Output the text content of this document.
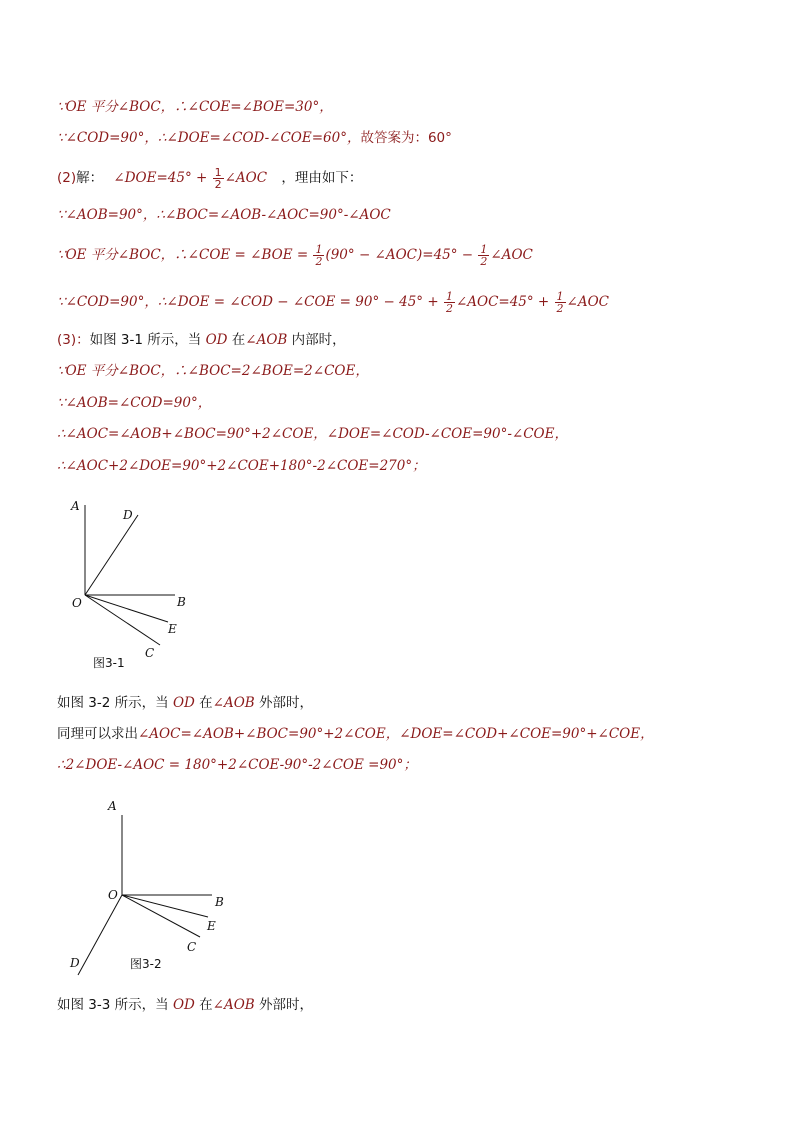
∵OE 平分∠BOC，∴∠COE=∠BOE=30°，
∵∠COD=90°，∴∠DOE=∠COD-∠COE=60°，故答案为：60°
(2)解： ∠DOE=45° + $\frac{1}{2}$ ∠AOC ，理由如下：
∵∠AOB=90°，∴∠BOC=∠AOB-∠AOC=90°-∠AOC
∵OE 平分∠BOC，∴∠COE = ∠BOE = $\frac{1}{2} (90^\circ$ − ∠AOC)=45° − $\frac{1}{2}$ ∠AOC
∵∠COD=90°，∴∠DOE = ∠COD − ∠COE = $90^\circ - 45^\circ + \frac{1}{2}$ ∠AOC=45° + $\frac{1}{2}$ ∠AOC
(3)：如图 3-1 所示，当 OD 在∠AOB 内部时，
∵OE 平分∠BOC，∴∠BOC=2∠BOE=2∠COE，
∵∠AOB=∠COD=90°，
∴∠AOC=∠AOB+∠BOC=90°+2∠COE，∠DOE=∠COD-∠COE=90°-∠COE，
∴∠AOC+2∠DOE=90°+2∠COE+180°-2∠COE=270°；
A
D
O	B
E
C
图3-1
如图 3-2 所示，当 OD 在∠AOB 外部时，
同理可以求出∠AOC=∠AOB+∠BOC=90°+2∠COE，∠DOE=∠COD+∠COE=90°+∠COE，
∴2∠DOE-∠AOC = 180°+2∠COE-90°-2∠COE =90°；
A
O	B
E
C
D	图3-2
如图 3-3 所示，当 OD 在∠AOB 外部时，
